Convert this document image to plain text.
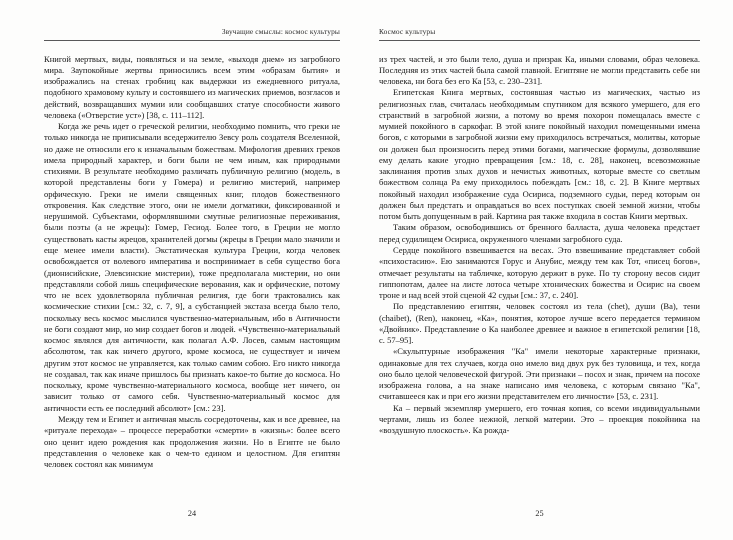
Звучащие смыслы: космос культуры

Книгой мертвых, виды, появляться и на земле, «выходя днем» из загробного мира. Заупокойные жертвы приносились всем этим «образам бытия» и изображались на стенах гробниц как выдержки из ежедневного ритуала, подобного храмовому культу и состоявшего из магических приемов, возгласов и действий, возвращавших мумии или сообщавших статуе способности живого человека («Отверстие уст») [38, с. 111–112].

Когда же речь идет о греческой религии, необходимо помнить, что греки не только никогда не приписывали вседержителю Зевсу роль создателя Вселенной, но даже не относили его к изначальным божествам. Мифология древних греков имела природный характер, и боги были не чем иным, как природными стихиями. В результате необходимо различать публичную религию (модель, в которой представлены боги у Гомера) и религию мистерий, например орфическую. Греки не имели священных книг, плодов божественного откровения. Как следствие этого, они не имели догматики, фиксированной и нерушимой. Субъектами, оформлявшими смутные религиозные переживания, были поэты (а не жрецы): Гомер, Гесиод. Более того, в Греции не могло существовать касты жрецов, хранителей догмы (жрецы в Греции мало значили и еще менее имели власти). Экстатическая культура Греции, когда человек освобождается от волевого императива и воспринимает в себя существо бога (дионисийские, Элевсинские мистерии), тоже предполагала мистерии, но они представляли собой лишь специфические верования, как и орфические, потому что не всех удовлетворяла публичная религия, где боги трактовались как космические стихии [см.: 32, с. 7, 9], а субстанцией экстаза всегда было тело, поскольку весь космос мыслился чувственно-материальным, ибо в Античности не боги создают мир, но мир создает богов и людей. «Чувственно-материальный космос являлся для античности, как полагал А.Ф. Лосев, самым настоящим абсолютом, так как ничего другого, кроме космоса, не существует и ничем другим этот космос не управляется, как только самим собою. Его никто никогда не создавал, так как иначе пришлось бы признать какое-то бытие до космоса. Но поскольку, кроме чувственно-материального космоса, вообще нет ничего, он зависит только от самого себя. Чувственно-материальный космос для античности есть ее последний абсолют» [см.: 23].

Между тем и Египет и античная мысль сосредоточены, как и все древнее, на «ритуале перехода» – процессе переработки «смерти» в «жизнь»: более всего оно ценит идею рождения как продолжения жизни. Но в Египте не было представления о человеке как о чем-то едином и целостном. Для египтян человек состоял как минимум

24
Космос культуры

из трех частей, и это были тело, душа и призрак Ка, иными словами, образ человека. Последняя из этих частей была самой главной. Египтяне не могли представить себе ни человека, ни бога без его Ка [53, с. 230–231].

Египетская Книга мертвых, состоявшая частью из магических, частью из религиозных глав, считалась необходимым спутником для всякого умершего, для его странствий в загробной жизни, а потому во время похорон помещалась вместе с мумией покойного в саркофаг. В этой книге покойный находил помещенными имена богов, с которыми в загробной жизни ему приходилось встречаться, молитвы, которые он должен был произносить перед этими богами, магические формулы, дозволявшие ему делать какие угодно превращения [см.: 18, с. 28], наконец, всевозможные заклинания против злых духов и нечистых животных, которые вместе со светлым божеством солнца Ра ему приходилось побеждать [см.: 18, с. 2]. В Книге мертвых покойный находил изображение суда Осириса, подземного судьи, перед которым он должен был предстать и оправдаться во всех поступках своей земной жизни, чтобы потом быть допущенным в рай. Картина рая также входила в состав Книги мертвых.

Таким образом, освободившись от бренного балласта, душа человека предстает перед судилищем Осириса, окруженного членами загробного суда.

Сердце покойного взвешивается на весах. Это взвешивание представляет собой «психостасию». Ею занимаются Горус и Анубис, между тем как Тот, «писец богов», отмечает результаты на табличке, которую держит в руке. По ту сторону весов сидит гиппопотам, далее на листе лотоса четыре хтонических божества и Осирис на своем троне и над всей этой сценой 42 судьи [см.: 37, с. 240].

По представлению египтян, человек состоял из тела (chet), души (Ва), тени (chaibet), (Ren), наконец, «Ка», понятия, которое лучше всего передается термином «Двойник». Представление о Ка наиболее древнее и важное в египетской религии [18, с. 57–95].

«Скульптурные изображения "Ка" имели некоторые характерные признаки, одинаковые для тех случаев, когда оно имело вид двух рук без туловища, и тех, когда оно было целой человеческой фигурой. Эти признаки – посох и знак, причем на посохе изображена голова, а на знаке написано имя человека, с которым связано "Ка", считавшееся как и при его жизни представителем его личности» [53, с. 231].

Ка – первый экземпляр умершего, его точная копия, со всеми индивидуальными чертами, лишь из более нежной, легкой материи. Это – проекция покойника на «воздушную плоскость». Ка рожда-

25
